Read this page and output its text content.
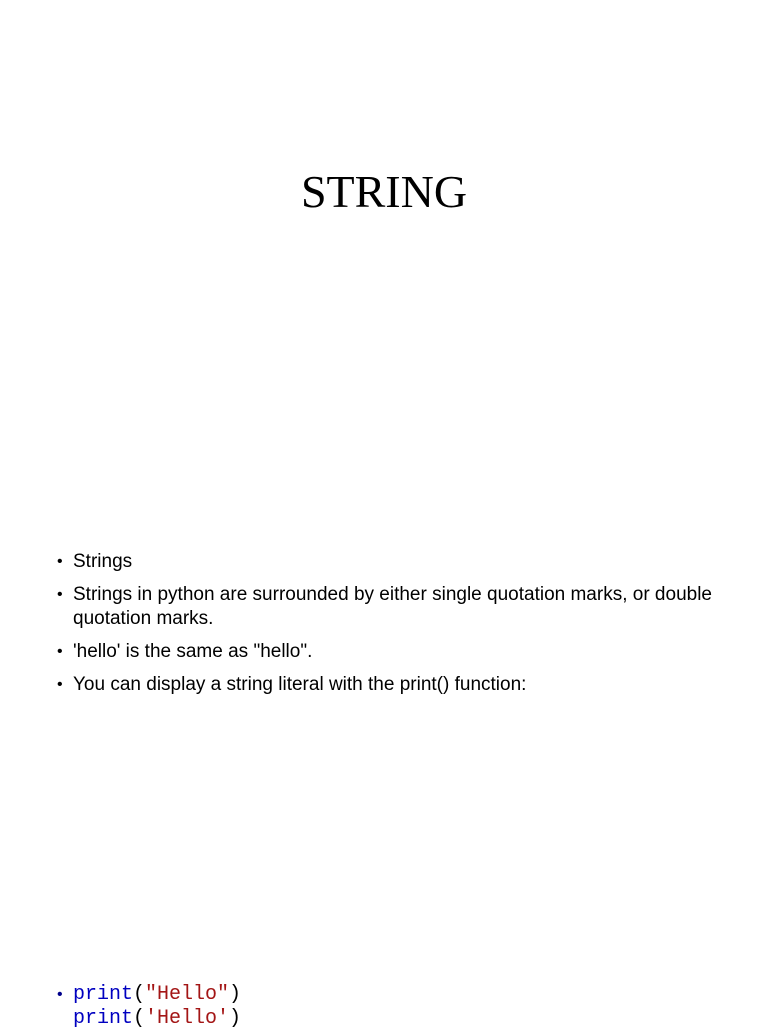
STRING
• Strings
• Strings in python are surrounded by either single quotation marks, or double quotation marks.
• 'hello' is the same as "hello".
• You can display a string literal with the print() function:
• print("Hello")
print('Hello')
